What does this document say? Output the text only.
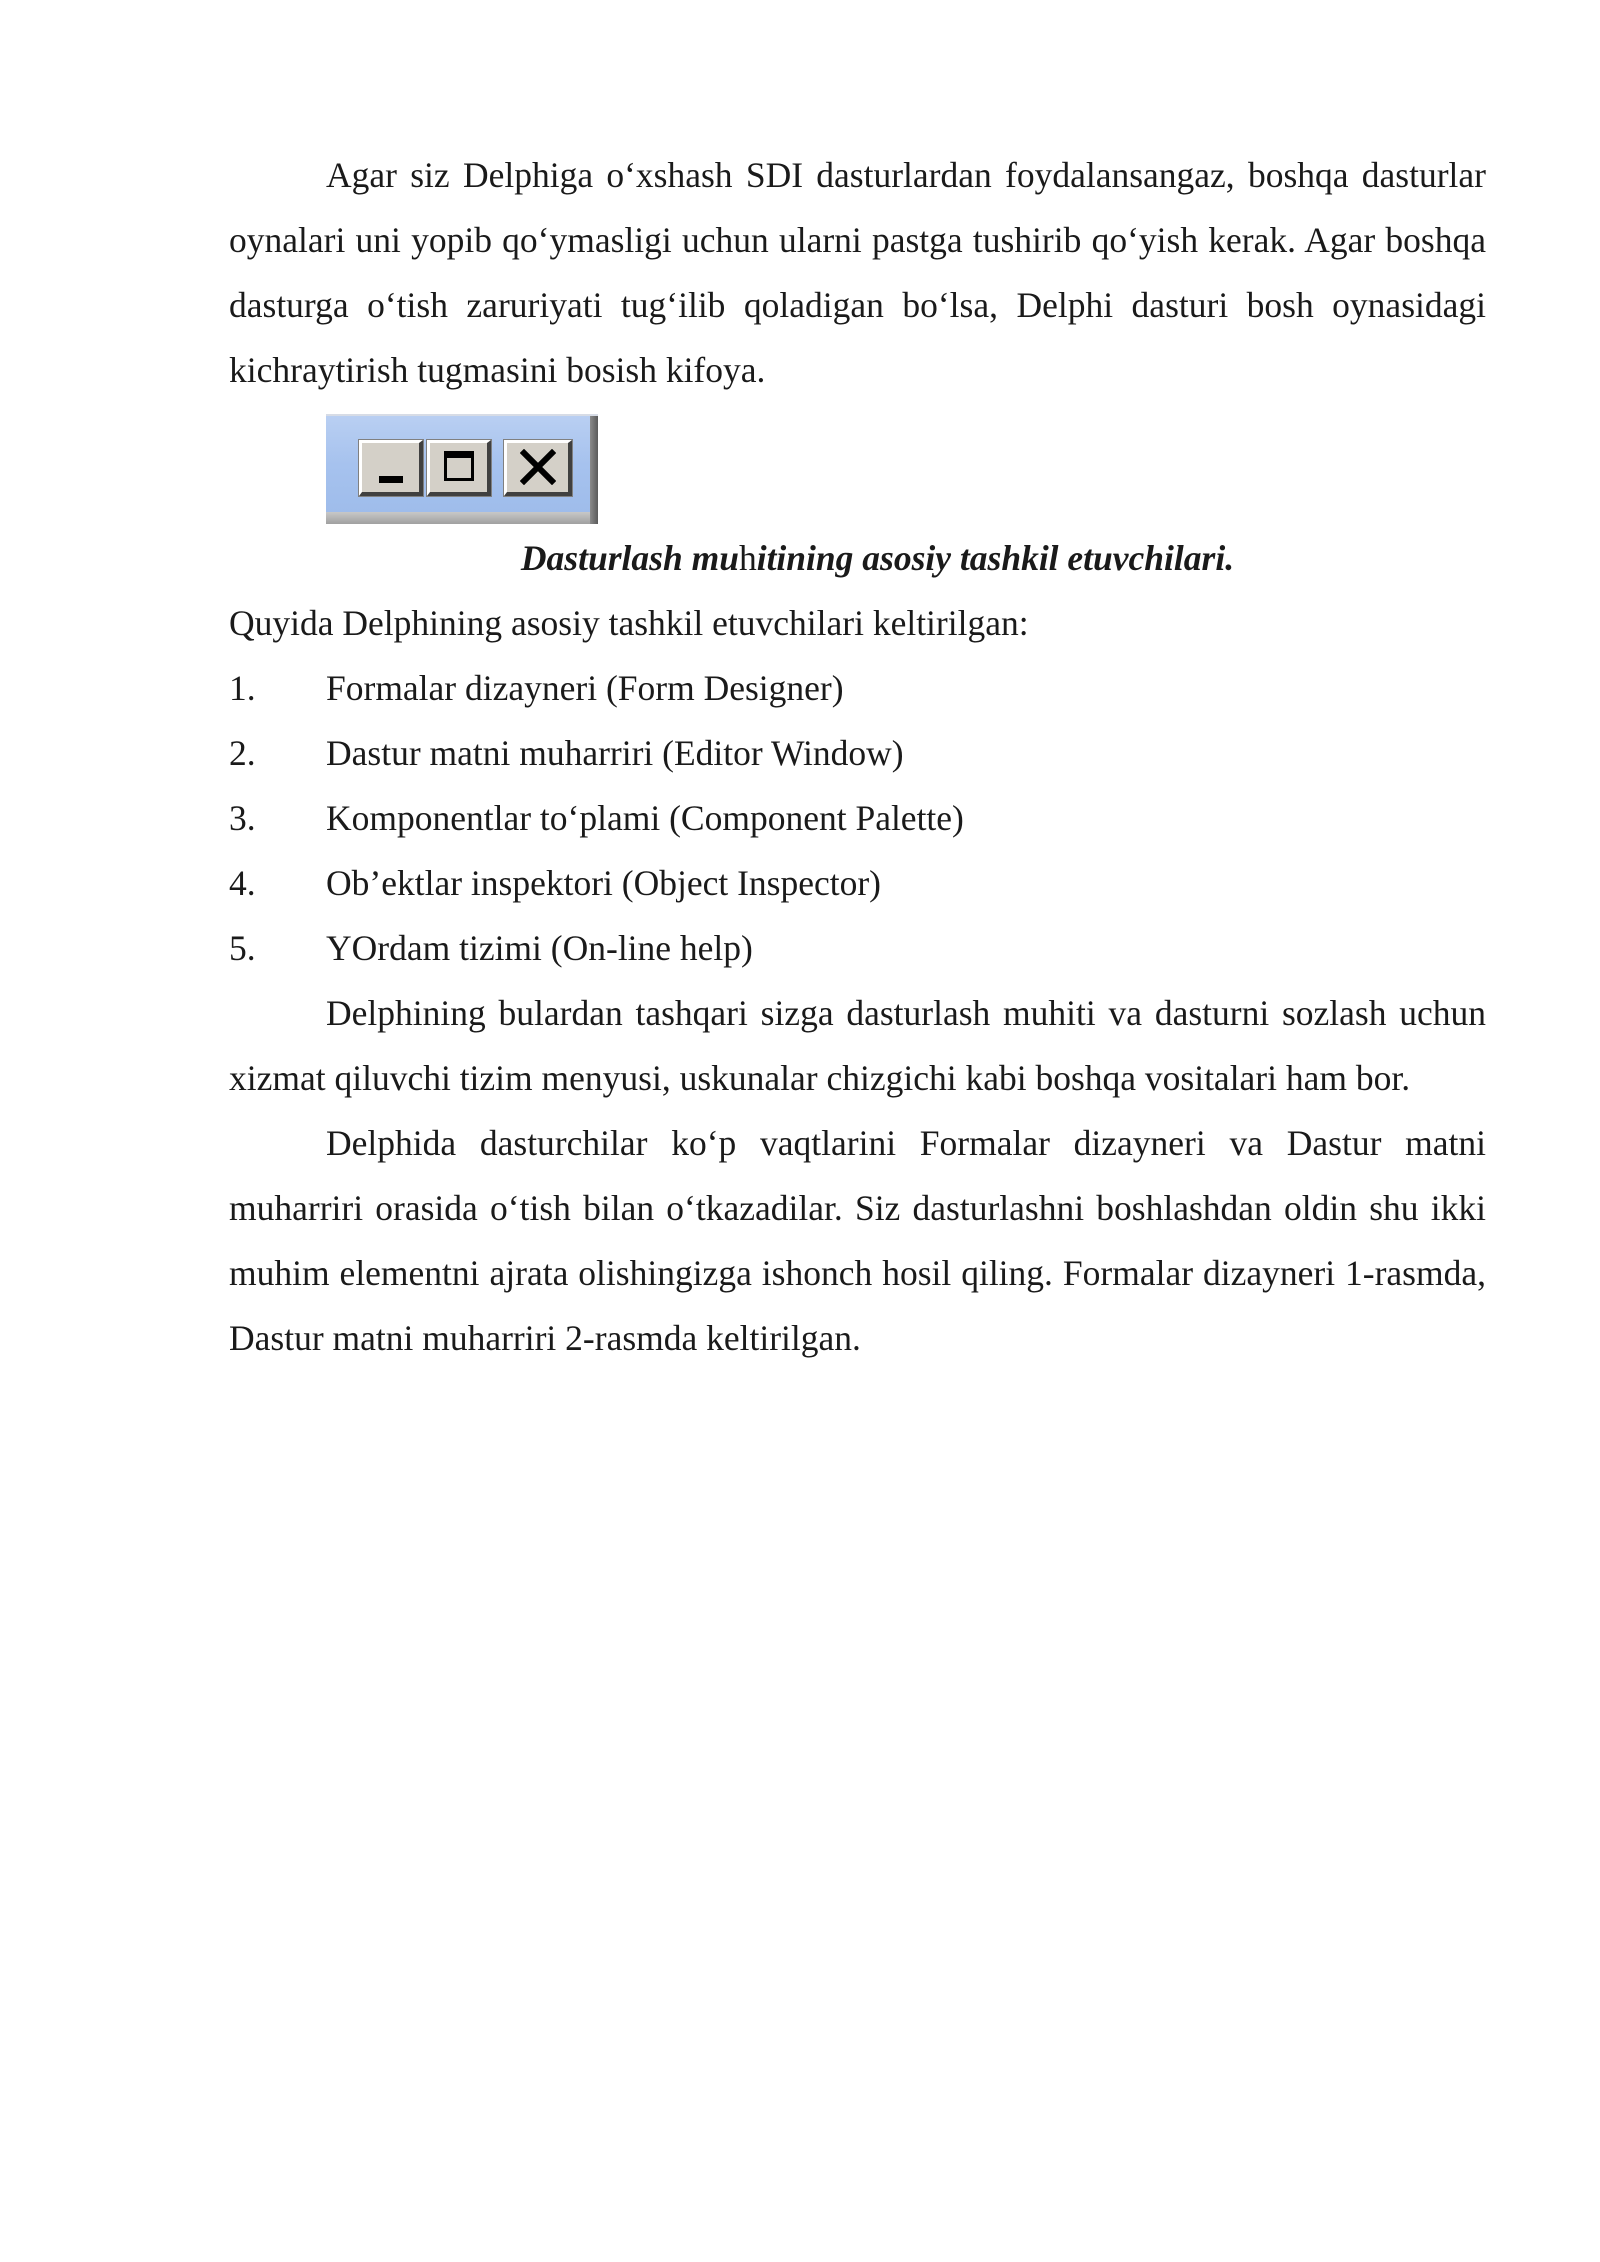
Agar siz Delphiga o‘xshash SDI dasturlardan foydalansangaz, boshqa dasturlar oynalari uni yopib qo‘ymasligi uchun ularni pastga tushirib qo‘yish kerak. Agar boshqa dasturga o‘tish zaruriyati tug‘ilib qoladigan bo‘lsa, Delphi dasturi bosh oynasidagi kichraytirish tugmasini bosish kifoya.

Dasturlash muhitining asosiy tashkil etuvchilari.

Quyida Delphining asosiy tashkil etuvchilari keltirilgan:

1.	Formalar dizayneri (Form Designer)
2.	Dastur matni muharriri (Editor Window)
3.	Komponentlar to‘plami (Component Palette)
4.	Ob’ektlar inspektori (Object Inspector)
5.	YOrdam tizimi (On-line help)

Delphining bulardan tashqari sizga dasturlash muhiti va dasturni sozlash uchun xizmat qiluvchi tizim menyusi, uskunalar chizgichi kabi boshqa vositalari ham bor.

Delphida dasturchilar ko‘p vaqtlarini Formalar dizayneri va Dastur matni muharriri orasida o‘tish bilan o‘tkazadilar. Siz dasturlashni boshlashdan oldin shu ikki muhim elementni ajrata olishingizga ishonch hosil qiling. Formalar dizayneri 1-rasmda, Dastur matni muharriri 2-rasmda keltirilgan.
